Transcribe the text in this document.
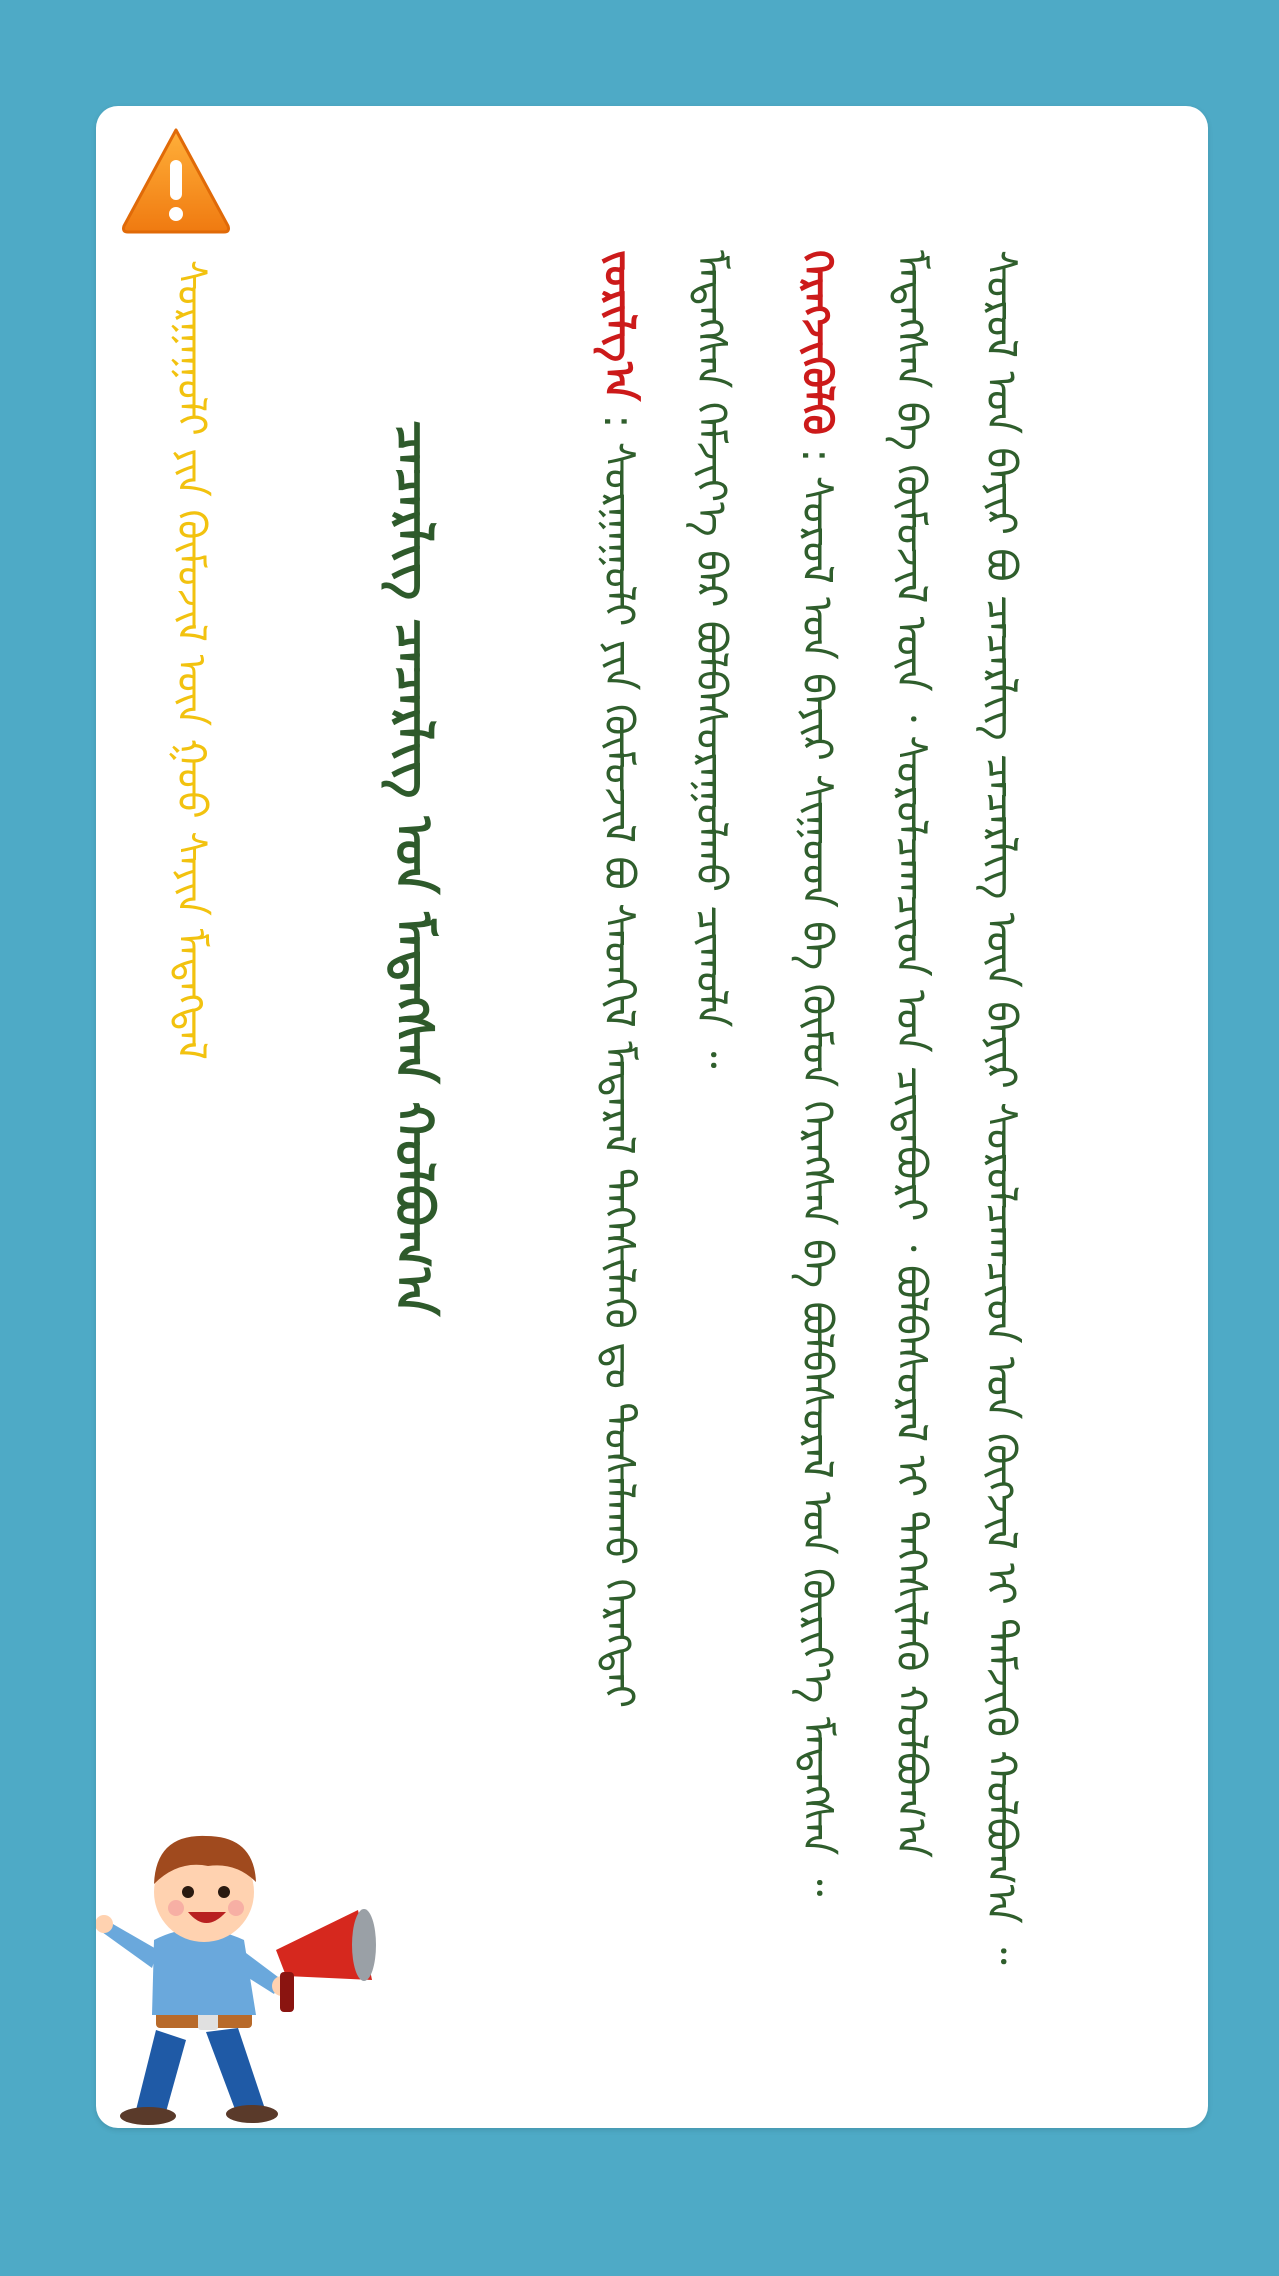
ᠰᠤᠷᠭᠠᠭᠤᠯᠢ ᠶᠢᠨ ᠬᠦᠮᠦᠵᠢᠯ ᠦᠨ ᠭᠣᠣ ᠰᠠᠶᠢᠨ ᠮᠡᠳᠡᠭᠳᠡᠯ	ᠴᠡᠴᠡᠷᠯᠢᠭ ᠴᠡᠴᠡᠷᠯᠢᠭ ᠤᠨ ᠮᠡᠳᠡᠭᠰᠡᠨ ᠬᠣᠯᠪᠣᠭ᠎ᠠ
ᠵᠣᠷᠢᠯᠭ᠎ᠠ : ᠰᠤᠷᠭᠠᠭᠤᠯᠢ ᠶᠢᠨ ᠬᠦᠮᠦᠵᠢᠯ ᠪᠣ ᠰᠡᠳᠬᠢᠯ ᠮᠡᠳᠡᠷᠡᠯ ᠳᠡᠭᠡᠰᠢᠯᠡᠬᠦ ᠳᠤ ᠲᠤᠰᠠᠯᠠᠬᠤ ᠬᠡᠷᠡᠭᠲᠡᠢ ᠮᠡᠳᠡᠭᠰᠡᠨ ᠬᠡᠮᠵᠢᠶ᠎ᠡ ᠪᠠᠷ ᠪᠣᠯᠪᠠᠰᠤᠷᠠᠭᠤᠯᠬᠤ ᠴᠢᠬᠤᠯᠠ ᠃ ᠬᠡᠷᠡᠭᠵᠢᠭᠦᠯᠬᠦ : ᠰᠤᠷᠤᠯ ᠤᠨ ᠪᠠᠶᠢᠷ ᠰᠢᠭᠤᠳ ᠪᠠ ᠬᠦᠮᠦᠨ ᠬᠡᠷᠡᠭᠰᠡᠨ ᠪᠠ ᠪᠣᠯᠪᠠᠰᠤᠷᠠᠯ ᠤᠨ ᠬᠦᠷᠢᠶ᠎ᠡ ᠮᠡᠳᠡᠭᠰᠡᠨ ᠃ ᠮᠡᠳᠡᠭᠰᠡᠨ ᠪᠠ ᠬᠦᠮᠦᠵᠢᠯ ᠦᠨ ᠂ ᠰᠤᠷᠤᠯᠴᠠᠭᠴᠢᠳ ᠤᠨ ᠴᠢᠳᠠᠪᠤᠷᠢ ᠂ ᠪᠣᠯᠪᠠᠰᠤᠷᠠᠯ ᠢ ᠳᠡᠭᠡᠰᠢᠯᠡᠬᠦ ᠬᠣᠯᠪᠣᠭ᠎ᠠ ᠰᠤᠷᠤᠯ ᠤᠨ ᠪᠠᠶᠢᠷ ᠪᠣ ᠴᠡᠴᠡᠷᠯᠢᠭ ᠴᠡᠴᠡᠷᠯᠢᠭ ᠦᠨ ᠪᠠᠶᠢᠷ ᠰᠤᠷᠤᠯᠴᠠᠭᠴᠢᠳ ᠤᠨ ᠬᠥᠭᠵᠢᠯ ᠢ ᠳᠡᠮᠵᠢᠬᠦ ᠬᠣᠯᠪᠣᠭ᠎ᠠ ᠃
